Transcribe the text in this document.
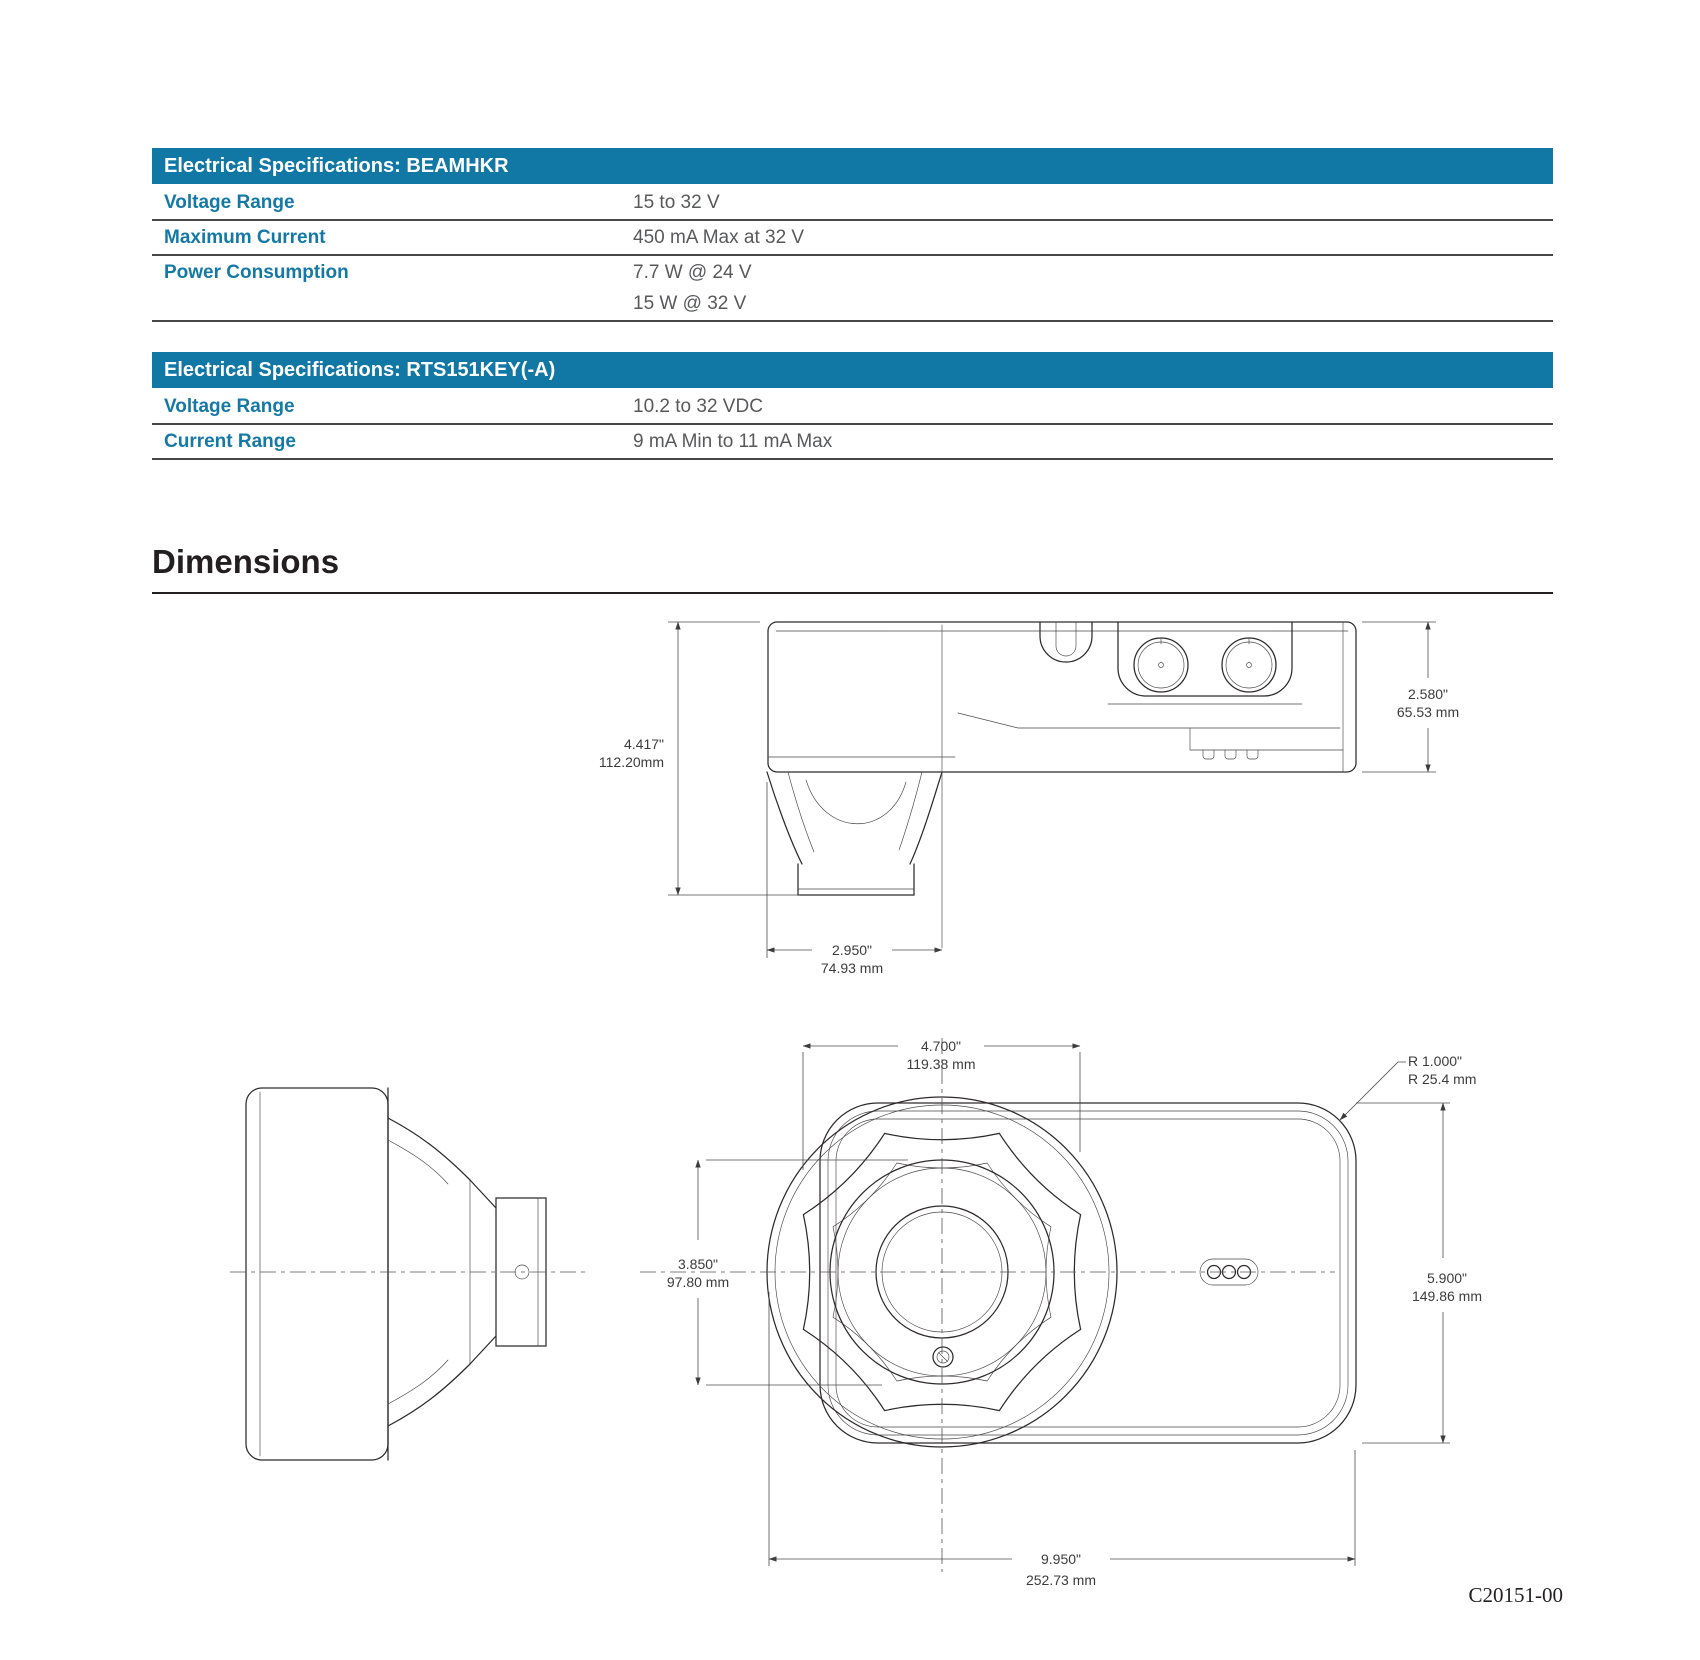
Electrical Specifications: BEAMHKR
Voltage Range	15 to 32 V
Maximum Current	450 mA Max at 32 V
Power Consumption	7.7 W @ 24 V
15 W @ 32 V
Electrical Specifications: RTS151KEY(-A)
Voltage Range	10.2 to 32 VDC
Current Range	9 mA Min to 11 mA Max
Dimensions
4.417"
112.20mm
2.580"
65.53 mm
2.950"
74.93 mm
4.700"
119.38 mm	R 1.000"
R 25.4 mm
3.850"
97.80 mm	5.900"
149.86 mm
9.950"
252.73 mm
C20151-00
